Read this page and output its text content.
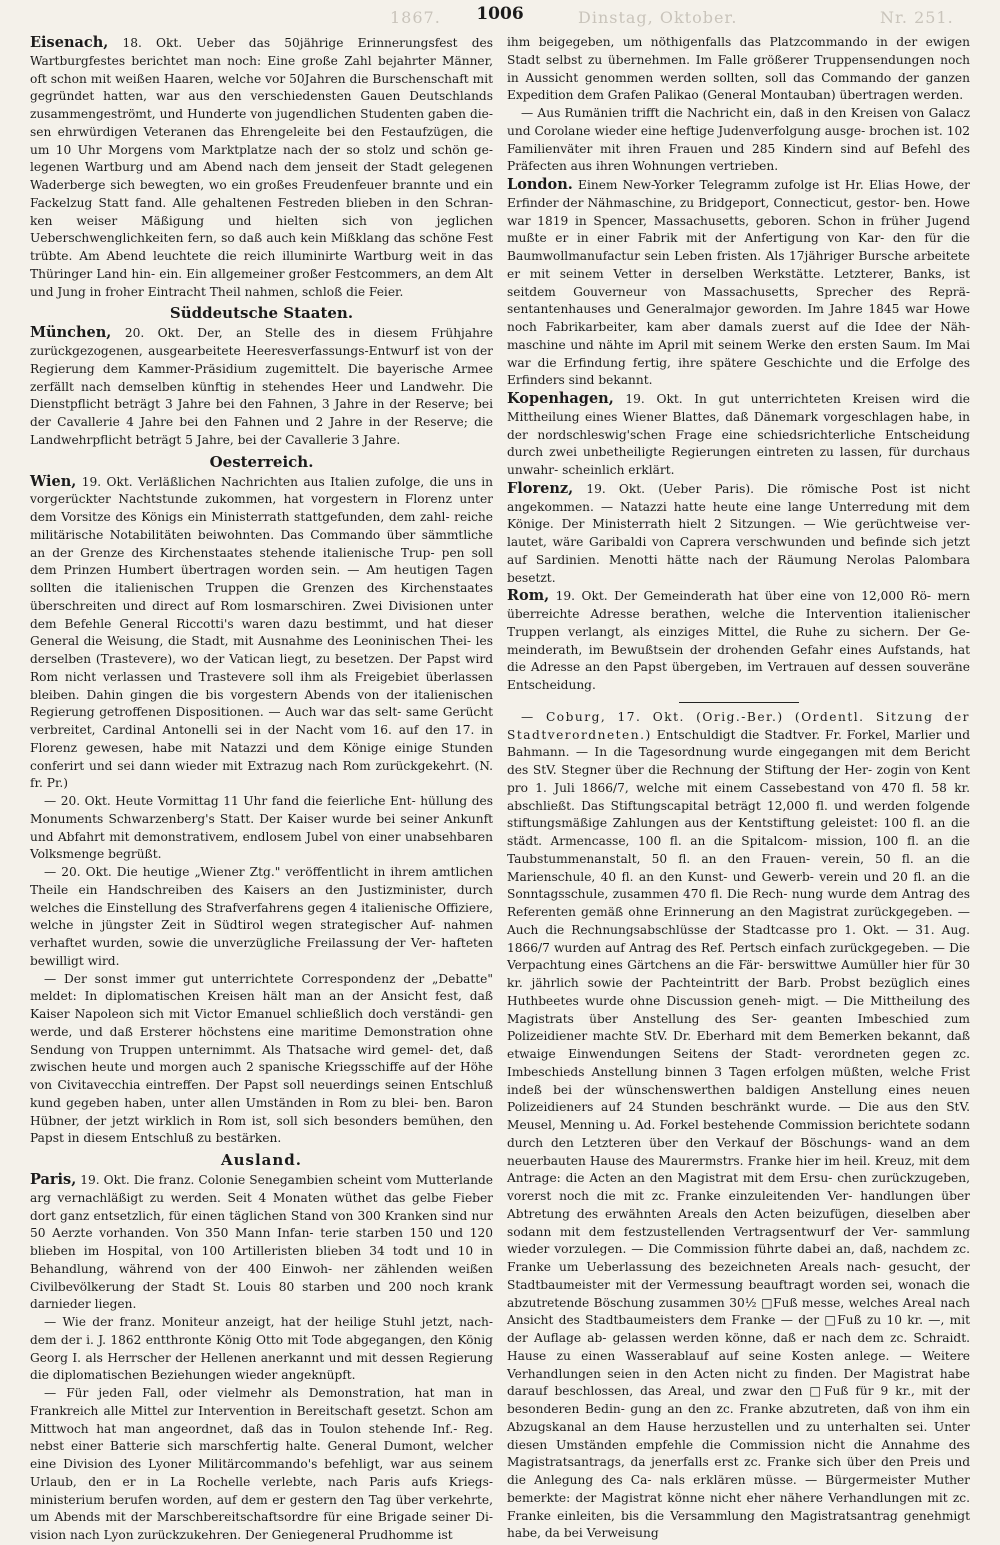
1867.	1006	Dinstag, Oktober.	Nr. 251.

Eisenach, 18. Okt. Ueber das 50jährige Erinnerungsfest des Wartburgfestes berichtet man noch: Eine große Zahl bejahrter Männer, oft schon mit weißen Haaren, welche vor 50Jahren die Burschenschaft mit gegründet hatten, war aus den verschiedensten Gauen Deutschlands zusammengeströmt, und Hunderte von jugendlichen Studenten gaben die- sen ehrwürdigen Veteranen das Ehrengeleite bei den Festaufzügen, die um 10 Uhr Morgens vom Marktplatze nach der so stolz und schön ge- legenen Wartburg und am Abend nach dem jenseit der Stadt gelegenen Waderberge sich bewegten, wo ein großes Freudenfeuer brannte und ein Fackelzug Statt fand. Alle gehaltenen Festreden blieben in den Schran- ken weiser Mäßigung und hielten sich von jeglichen Ueberschwenglichkeiten fern, so daß auch kein Mißklang das schöne Fest trübte. Am Abend leuchtete die reich illuminirte Wartburg weit in das Thüringer Land hin- ein. Ein allgemeiner großer Festcommers, an dem Alt und Jung in froher Eintracht Theil nahmen, schloß die Feier.

Süddeutsche Staaten.

München, 20. Okt. Der, an Stelle des in diesem Frühjahre zurückgezogenen, ausgearbeitete Heeresverfassungs-Entwurf ist von der Regierung dem Kammer-Präsidium zugemittelt. Die bayerische Armee zerfällt nach demselben künftig in stehendes Heer und Landwehr. Die Dienstpflicht beträgt 3 Jahre bei den Fahnen, 3 Jahre in der Reserve; bei der Cavallerie 4 Jahre bei den Fahnen und 2 Jahre in der Reserve; die Landwehrpflicht beträgt 5 Jahre, bei der Cavallerie 3 Jahre.

Oesterreich.

Wien, 19. Okt. Verläßlichen Nachrichten aus Italien zufolge, die uns in vorgerückter Nachtstunde zukommen, hat vorgestern in Florenz unter dem Vorsitze des Königs ein Ministerrath stattgefunden, dem zahl- reiche militärische Notabilitäten beiwohnten. Das Commando über sämmtliche an der Grenze des Kirchenstaates stehende italienische Trup- pen soll dem Prinzen Humbert übertragen worden sein. — Am heutigen Tagen sollten die italienischen Truppen die Grenzen des Kirchenstaates überschreiten und direct auf Rom losmarschiren. Zwei Divisionen unter dem Befehle General Riccotti's waren dazu bestimmt, und hat dieser General die Weisung, die Stadt, mit Ausnahme des Leoninischen Thei- les derselben (Trastevere), wo der Vatican liegt, zu besetzen. Der Papst wird Rom nicht verlassen und Trastevere soll ihm als Freigebiet überlassen bleiben. Dahin gingen die bis vorgestern Abends von der italienischen Regierung getroffenen Dispositionen. — Auch war das selt- same Gerücht verbreitet, Cardinal Antonelli sei in der Nacht vom 16. auf den 17. in Florenz gewesen, habe mit Natazzi und dem Könige einige Stunden conferirt und sei dann wieder mit Extrazug nach Rom zurückgekehrt. (N. fr. Pr.)

— 20. Okt. Heute Vormittag 11 Uhr fand die feierliche Ent- hüllung des Monuments Schwarzenberg's Statt. Der Kaiser wurde bei seiner Ankunft und Abfahrt mit demonstrativem, endlosem Jubel von einer unabsehbaren Volksmenge begrüßt.

— 20. Okt. Die heutige „Wiener Ztg." veröffentlicht in ihrem amtlichen Theile ein Handschreiben des Kaisers an den Justizminister, durch welches die Einstellung des Strafverfahrens gegen 4 italienische Offiziere, welche in jüngster Zeit in Südtirol wegen strategischer Auf- nahmen verhaftet wurden, sowie die unverzügliche Freilassung der Ver- hafteten bewilligt wird.

— Der sonst immer gut unterrichtete Correspondenz der „Debatte" meldet: In diplomatischen Kreisen hält man an der Ansicht fest, daß Kaiser Napoleon sich mit Victor Emanuel schließlich doch verständi- gen werde, und daß Ersterer höchstens eine maritime Demonstration ohne Sendung von Truppen unternimmt. Als Thatsache wird gemel- det, daß zwischen heute und morgen auch 2 spanische Kriegsschiffe auf der Höhe von Civitavecchia eintreffen. Der Papst soll neuerdings seinen Entschluß kund gegeben haben, unter allen Umständen in Rom zu blei- ben. Baron Hübner, der jetzt wirklich in Rom ist, soll sich besonders bemühen, den Papst in diesem Entschluß zu bestärken.

Ausland.

Paris, 19. Okt. Die franz. Colonie Senegambien scheint vom Mutterlande arg vernachläßigt zu werden. Seit 4 Monaten wüthet das gelbe Fieber dort ganz entsetzlich, für einen täglichen Stand von 300 Kranken sind nur 50 Aerzte vorhanden. Von 350 Mann Infan- terie starben 150 und 120 blieben im Hospital, von 100 Artilleristen blieben 34 todt und 10 in Behandlung, während von der 400 Einwoh- ner zählenden weißen Civilbevölkerung der Stadt St. Louis 80 starben und 200 noch krank darnieder liegen.

— Wie der franz. Moniteur anzeigt, hat der heilige Stuhl jetzt, nach- dem der i. J. 1862 entthronte König Otto mit Tode abgegangen, den König Georg I. als Herrscher der Hellenen anerkannt und mit dessen Regierung die diplomatischen Beziehungen wieder angeknüpft.

— Für jeden Fall, oder vielmehr als Demonstration, hat man in Frankreich alle Mittel zur Intervention in Bereitschaft gesetzt. Schon am Mittwoch hat man angeordnet, daß das in Toulon stehende Inf.- Reg. nebst einer Batterie sich marschfertig halte. General Dumont, welcher eine Division des Lyoner Militärcommando's befehligt, war aus seinem Urlaub, den er in La Rochelle verlebte, nach Paris aufs Kriegs- ministerium berufen worden, auf dem er gestern den Tag über verkehrte, um Abends mit der Marschbereitschaftsordre für eine Brigade seiner Di- vision nach Lyon zurückzukehren. Der Geniegeneral Prudhomme ist

ihm beigegeben, um nöthigenfalls das Platzcommando in der ewigen Stadt selbst zu übernehmen. Im Falle größerer Truppensendungen noch in Aussicht genommen werden sollten, soll das Commando der ganzen Expedition dem Grafen Palikao (General Montauban) übertragen werden.

— Aus Rumänien trifft die Nachricht ein, daß in den Kreisen von Galacz und Corolane wieder eine heftige Judenverfolgung ausge- brochen ist. 102 Familienväter mit ihren Frauen und 285 Kindern sind auf Befehl des Präfecten aus ihren Wohnungen vertrieben.

London. Einem New-Yorker Telegramm zufolge ist Hr. Elias Howe, der Erfinder der Nähmaschine, zu Bridgeport, Connecticut, gestor- ben. Howe war 1819 in Spencer, Massachusetts, geboren. Schon in früher Jugend mußte er in einer Fabrik mit der Anfertigung von Kar- den für die Baumwollmanufactur sein Leben fristen. Als 17jähriger Bursche arbeitete er mit seinem Vetter in derselben Werkstätte. Letzterer, Banks, ist seitdem Gouverneur von Massachusetts, Sprecher des Reprä- sentantenhauses und Generalmajor geworden. Im Jahre 1845 war Howe noch Fabrikarbeiter, kam aber damals zuerst auf die Idee der Näh- maschine und nähte im April mit seinem Werke den ersten Saum. Im Mai war die Erfindung fertig, ihre spätere Geschichte und die Erfolge des Erfinders sind bekannt.

Kopenhagen, 19. Okt. In gut unterrichteten Kreisen wird die Mittheilung eines Wiener Blattes, daß Dänemark vorgeschlagen habe, in der nordschleswig'schen Frage eine schiedsrichterliche Entscheidung durch zwei unbetheiligte Regierungen eintreten zu lassen, für durchaus unwahr- scheinlich erklärt.

Florenz, 19. Okt. (Ueber Paris). Die römische Post ist nicht angekommen. — Natazzi hatte heute eine lange Unterredung mit dem Könige. Der Ministerrath hielt 2 Sitzungen. — Wie gerüchtweise ver- lautet, wäre Garibaldi von Caprera verschwunden und befinde sich jetzt auf Sardinien. Menotti hätte nach der Räumung Nerolas Palombara besetzt.

Rom, 19. Okt. Der Gemeinderath hat über eine von 12,000 Rö- mern überreichte Adresse berathen, welche die Intervention italienischer Truppen verlangt, als einziges Mittel, die Ruhe zu sichern. Der Ge- meinderath, im Bewußtsein der drohenden Gefahr eines Aufstands, hat die Adresse an den Papst übergeben, im Vertrauen auf dessen souveräne Entscheidung.

— Coburg, 17. Okt. (Orig.-Ber.) (Ordentl. Sitzung der Stadtverordneten.) Entschuldigt die Stadtver. Fr. Forkel, Marlier und Bahmann. — In die Tagesordnung wurde eingegangen mit dem Bericht des StV. Stegner über die Rechnung der Stiftung der Her- zogin von Kent pro 1. Juli 1866/7, welche mit einem Cassebestand von 470 fl. 58 kr. abschließt. Das Stiftungscapital beträgt 12,000 fl. und werden folgende stiftungsmäßige Zahlungen aus der Kentstiftung geleistet: 100 fl. an die städt. Armencasse, 100 fl. an die Spitalcom- mission, 100 fl. an die Taubstummenanstalt, 50 fl. an den Frauen- verein, 50 fl. an die Marienschule, 40 fl. an den Kunst- und Gewerb- verein und 20 fl. an die Sonntagsschule, zusammen 470 fl. Die Rech- nung wurde dem Antrag des Referenten gemäß ohne Erinnerung an den Magistrat zurückgegeben. — Auch die Rechnungsabschlüsse der Stadtcasse pro 1. Okt. — 31. Aug. 1866/7 wurden auf Antrag des Ref. Pertsch einfach zurückgegeben. — Die Verpachtung eines Gärtchens an die Fär- berswittwe Aumüller hier für 30 kr. jährlich sowie der Pachteintritt der Barb. Probst bezüglich eines Huthbeetes wurde ohne Discussion geneh- migt. — Die Mittheilung des Magistrats über Anstellung des Ser- geanten Imbeschied zum Polizeidiener machte StV. Dr. Eberhard mit dem Bemerken bekannt, daß etwaige Einwendungen Seitens der Stadt- verordneten gegen zc. Imbeschieds Anstellung binnen 3 Tagen erfolgen müßten, welche Frist indeß bei der wünschenswerthen baldigen Anstellung eines neuen Polizeidieners auf 24 Stunden beschränkt wurde. — Die aus den StV. Meusel, Menning u. Ad. Forkel bestehende Commission berichtete sodann durch den Letzteren über den Verkauf der Böschungs- wand an dem neuerbauten Hause des Maurermstrs. Franke hier im heil. Kreuz, mit dem Antrage: die Acten an den Magistrat mit dem Ersu- chen zurückzugeben, vorerst noch die mit zc. Franke einzuleitenden Ver- handlungen über Abtretung des erwähnten Areals den Acten beizufügen, dieselben aber sodann mit dem festzustellenden Vertragsentwurf der Ver- sammlung wieder vorzulegen. — Die Commission führte dabei an, daß, nachdem zc. Franke um Ueberlassung des bezeichneten Areals nach- gesucht, der Stadtbaumeister mit der Vermessung beauftragt worden sei, wonach die abzutretende Böschung zusammen 30½ □Fuß messe, welches Areal nach Ansicht des Stadtbaumeisters dem Franke — der □Fuß zu 10 kr. —, mit der Auflage ab- gelassen werden könne, daß er nach dem zc. Schraidt. Hause zu einen Wasserablauf auf seine Kosten anlege. — Weitere Verhandlungen seien in den Acten nicht zu finden. Der Magistrat habe darauf beschlossen, das Areal, und zwar den □Fuß für 9 kr., mit der besonderen Bedin- gung an den zc. Franke abzutreten, daß von ihm ein Abzugskanal an dem Hause herzustellen und zu unterhalten sei. Unter diesen Umständen empfehle die Commission nicht die Annahme des Magistratsantrags, da jenerfalls erst zc. Franke sich über den Preis und die Anlegung des Ca- nals erklären müsse. — Bürgermeister Muther bemerkte: der Magistrat könne nicht eher nähere Verhandlungen mit zc. Franke einleiten, bis die Versammlung den Magistratsantrag genehmigt habe, da bei Verweisung
